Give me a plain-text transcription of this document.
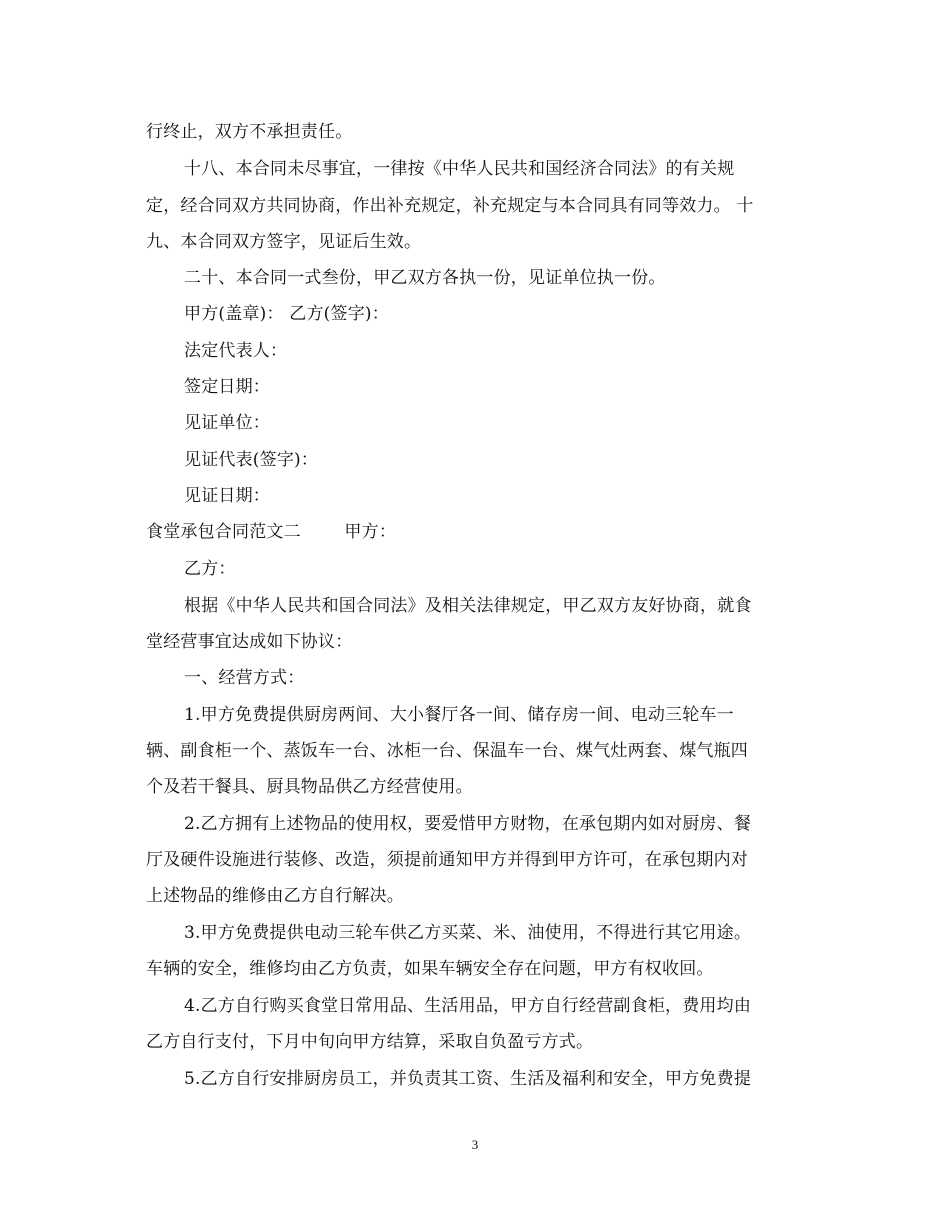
行终止，双方不承担责任。
十八、本合同未尽事宜，一律按《中华人民共和国经济合同法》的有关规
定，经合同双方共同协商，作出补充规定，补充规定与本合同具有同等效力。 十
九、本合同双方签字，见证后生效。
二十、本合同一式叁份，甲乙双方各执一份，见证单位执一份。
甲方(盖章)： 乙方(签字)：
法定代表人：
签定日期：
见证单位：
见证代表(签字)：
见证日期：
食堂承包合同范文二	甲方：
乙方：
根据《中华人民共和国合同法》及相关法律规定，甲乙双方友好协商，就食
堂经营事宜达成如下协议：
一、经营方式：
1.甲方免费提供厨房两间、大小餐厅各一间、储存房一间、电动三轮车一
辆、副食柜一个、蒸饭车一台、冰柜一台、保温车一台、煤气灶两套、煤气瓶四
个及若干餐具、厨具物品供乙方经营使用。
2.乙方拥有上述物品的使用权，要爱惜甲方财物，在承包期内如对厨房、餐
厅及硬件设施进行装修、改造，须提前通知甲方并得到甲方许可，在承包期内对
上述物品的维修由乙方自行解决。
3.甲方免费提供电动三轮车供乙方买菜、米、油使用，不得进行其它用途。
车辆的安全，维修均由乙方负责，如果车辆安全存在问题，甲方有权收回。
4.乙方自行购买食堂日常用品、生活用品，甲方自行经营副食柜，费用均由
乙方自行支付，下月中旬向甲方结算，采取自负盈亏方式。
5.乙方自行安排厨房员工，并负责其工资、生活及福利和安全，甲方免费提
3
